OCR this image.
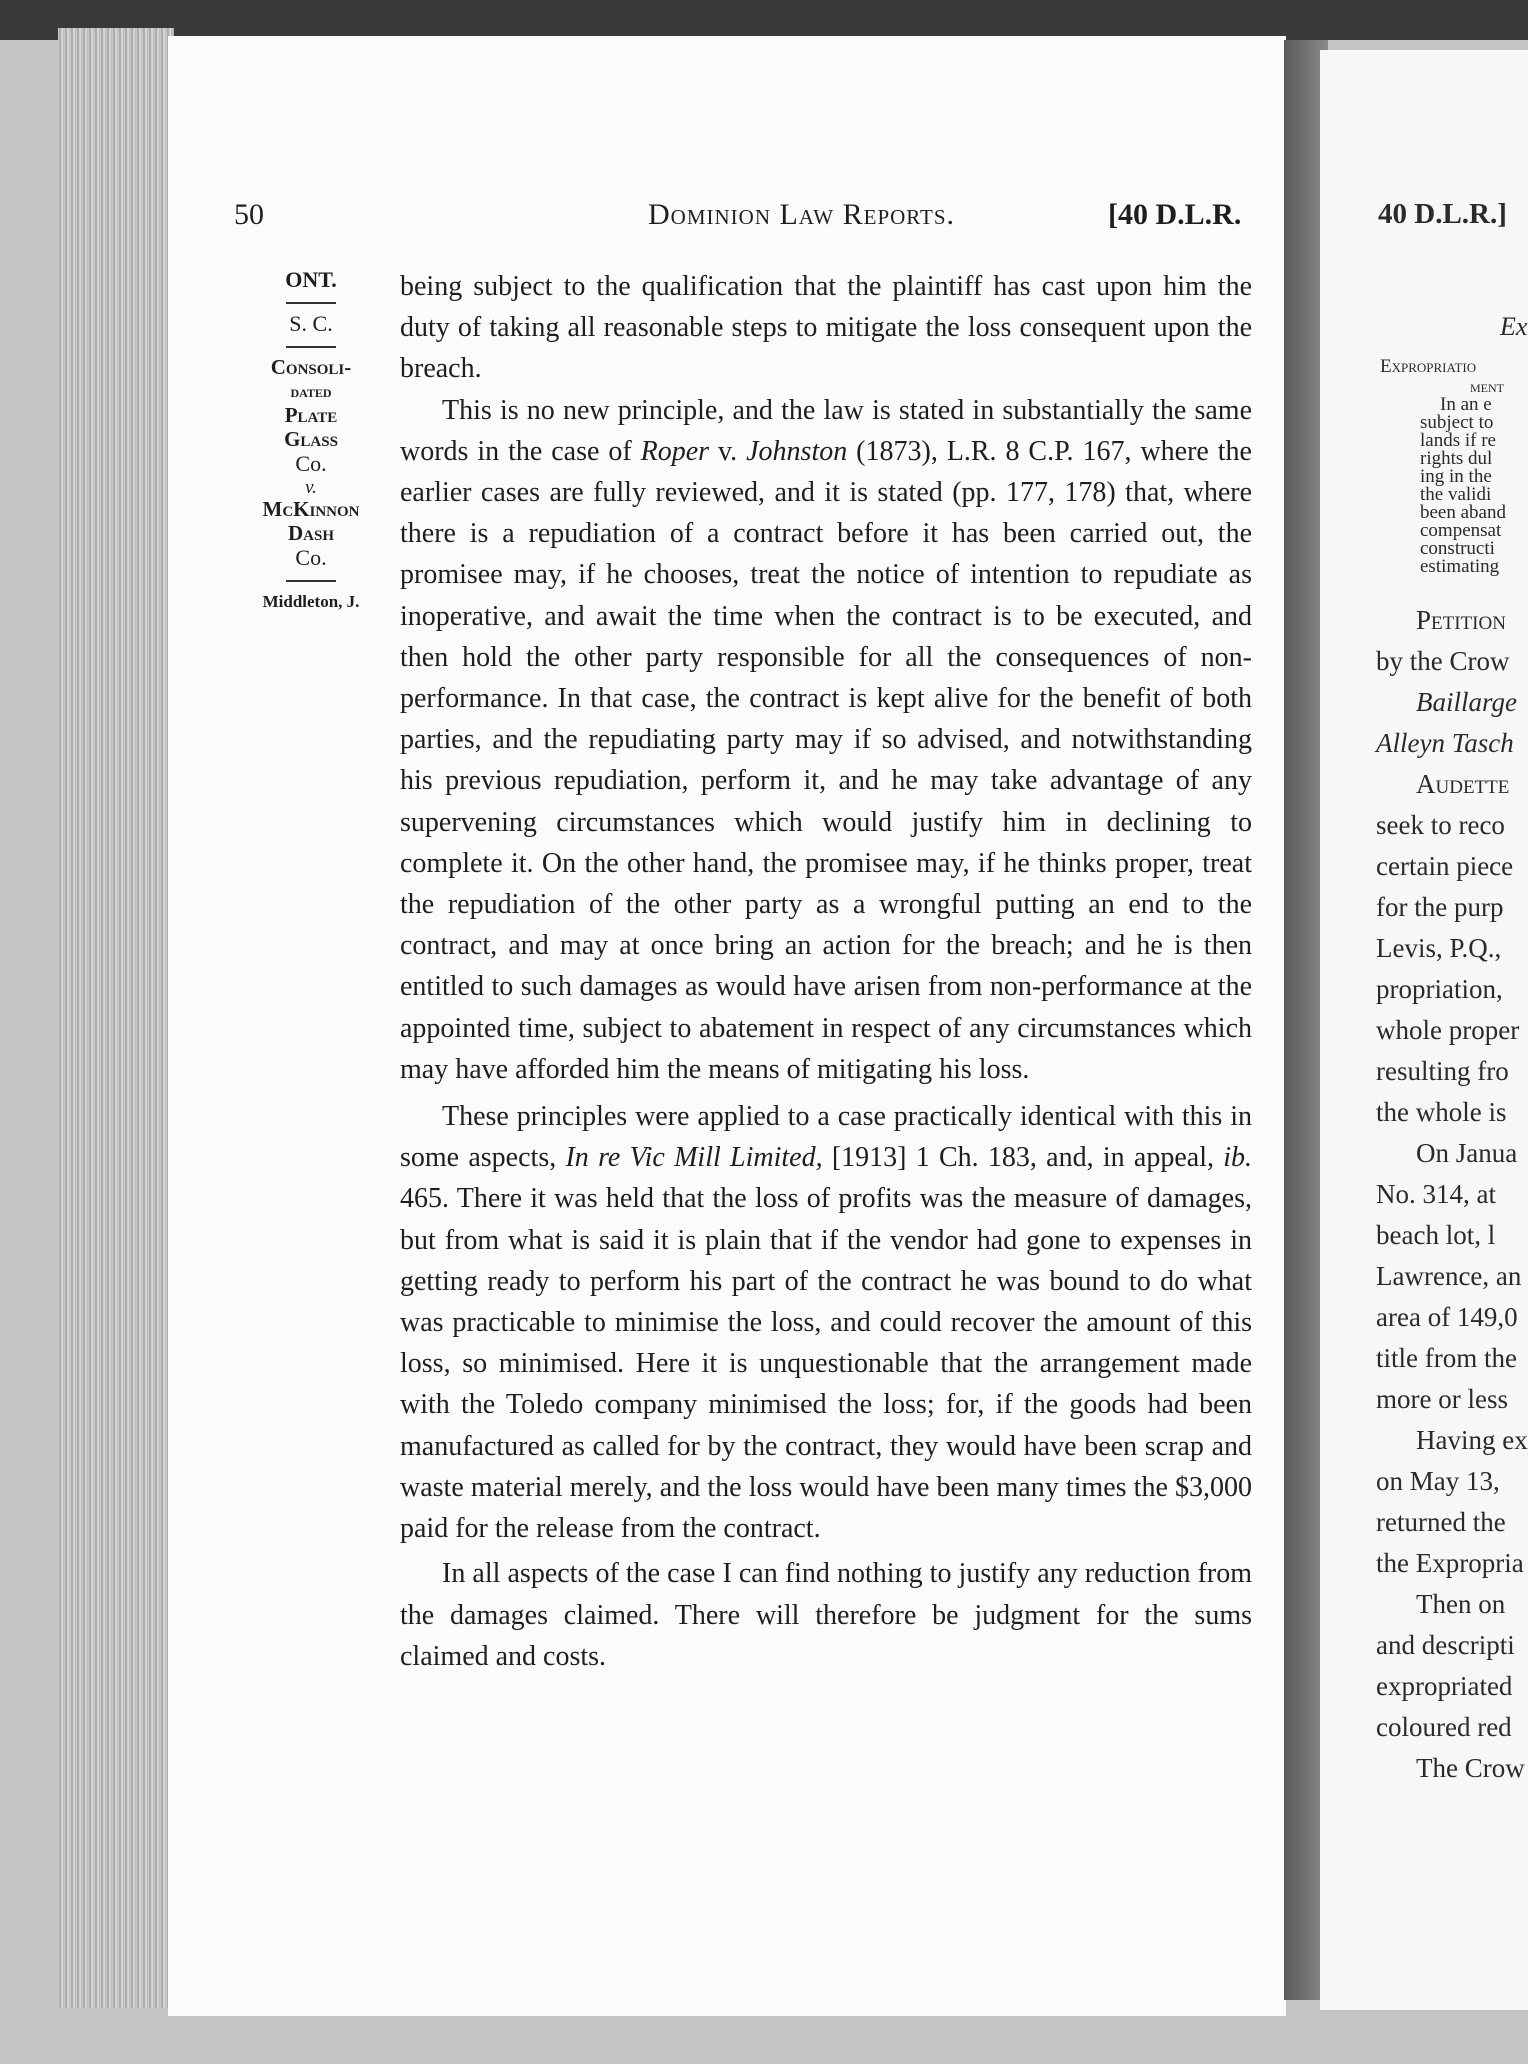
50	Dominion Law Reports.	[40 D.L.R.
ONT.
S. C.
Consoli-
dated
Plate
Glass
Co.
v.
McKinnon
Dash
Co.
Middleton, J.

being subject to the qualification that the plaintiff has cast upon him the duty of taking all reasonable steps to mitigate the loss consequent upon the breach.

This is no new principle, and the law is stated in substantially the same words in the case of Roper v. Johnston (1873), L.R. 8 C.P. 167, where the earlier cases are fully reviewed, and it is stated (pp. 177, 178) that, where there is a repudiation of a contract before it has been carried out, the promisee may, if he chooses, treat the notice of intention to repudiate as inoperative, and await the time when the contract is to be executed, and then hold the other party responsible for all the consequences of non-performance. In that case, the contract is kept alive for the benefit of both parties, and the repudiating party may if so advised, and notwithstanding his previous repudiation, perform it, and he may take advantage of any supervening circumstances which would justify him in declining to complete it. On the other hand, the promisee may, if he thinks proper, treat the repudiation of the other party as a wrongful putting an end to the contract, and may at once bring an action for the breach; and he is then entitled to such damages as would have arisen from non-performance at the appointed time, subject to abatement in respect of any circumstances which may have afforded him the means of mitigating his loss.

These principles were applied to a case practically identical with this in some aspects, In re Vic Mill Limited, [1913] 1 Ch. 183, and, in appeal, ib. 465. There it was held that the loss of profits was the measure of damages, but from what is said it is plain that if the vendor had gone to expenses in getting ready to perform his part of the contract he was bound to do what was practicable to minimise the loss, and could recover the amount of this loss, so minimised. Here it is unquestionable that the arrangement made with the Toledo company minimised the loss; for, if the goods had been manufactured as called for by the contract, they would have been scrap and waste material merely, and the loss would have been many times the $3,000 paid for the release from the contract.

In all aspects of the case I can find nothing to justify any reduction from the damages claimed. There will therefore be judgment for the sums claimed and costs.

40 D.L.R.]
Ex
Expropriatio
ment
In an e
subject to
lands if re
rights dul
ing in the
the validi
been aband
compensat
constructi
estimating
Petition
by the Crow
Baillarge
Alleyn Tasch
Audette
seek to reco
certain piece
for the purp
Levis, P.Q.,
propriation,
whole proper
resulting fro
the whole is
On Janua
No. 314, at
beach lot, l
Lawrence, an
area of 149,0
title from the
more or less
Having ex
on May 13,
returned the
the Expropria
Then on
and descripti
expropriated
coloured red
The Crow
